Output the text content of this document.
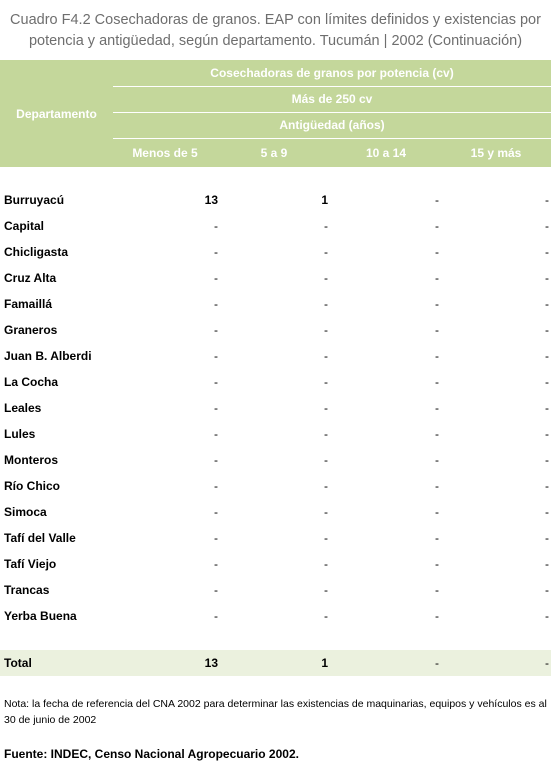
Cuadro F4.2 Cosechadoras de granos. EAP con límites definidos y existencias por potencia y antigüedad, según departamento. Tucumán | 2002 (Continuación)
Departamento
Cosechadoras de granos por potencia (cv)
Más de 250 cv
Antigüedad (años)
Menos de 5	5 a 9	10 a 14	15 y más
Burruyacú	13	1	-	-
Capital	-	-	-	-
Chicligasta	-	-	-	-
Cruz Alta	-	-	-	-
Famaillá	-	-	-	-
Graneros	-	-	-	-
Juan B. Alberdi	-	-	-	-
La Cocha	-	-	-	-
Leales	-	-	-	-
Lules	-	-	-	-
Monteros	-	-	-	-
Río Chico	-	-	-	-
Simoca	-	-	-	-
Tafí del Valle	-	-	-	-
Tafí Viejo	-	-	-	-
Trancas	-	-	-	-
Yerba Buena	-	-	-	-
Total	13	1	-	-
Nota: la fecha de referencia del CNA 2002 para determinar las existencias de maquinarias, equipos y vehículos es al 30 de junio de 2002
Fuente: INDEC, Censo Nacional Agropecuario 2002.
